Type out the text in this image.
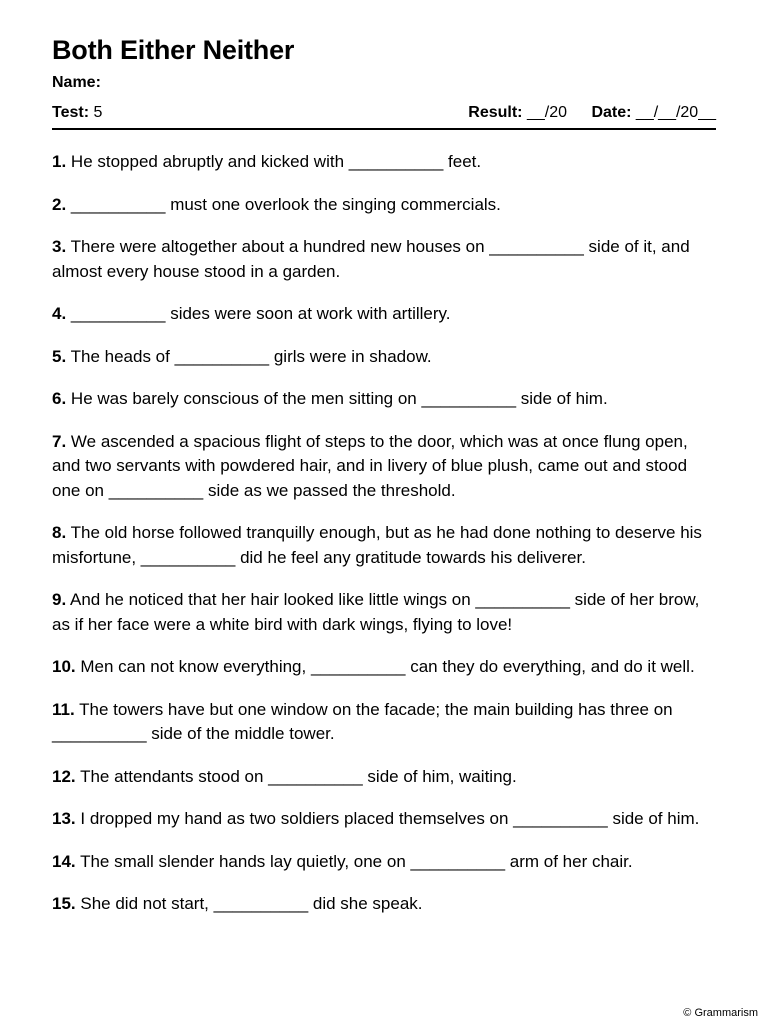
Both Either Neither
Name:
Test: 5	Result: __/20 Date: __/__/20__
1. He stopped abruptly and kicked with __________ feet.
2. __________ must one overlook the singing commercials.
3. There were altogether about a hundred new houses on __________ side of it, and almost every house stood in a garden.
4. __________ sides were soon at work with artillery.
5. The heads of __________ girls were in shadow.
6. He was barely conscious of the men sitting on __________ side of him.
7. We ascended a spacious flight of steps to the door, which was at once flung open, and two servants with powdered hair, and in livery of blue plush, came out and stood one on __________ side as we passed the threshold.
8. The old horse followed tranquilly enough, but as he had done nothing to deserve his misfortune, __________ did he feel any gratitude towards his deliverer.
9. And he noticed that her hair looked like little wings on __________ side of her brow, as if her face were a white bird with dark wings, flying to love!
10. Men can not know everything, __________ can they do everything, and do it well.
11. The towers have but one window on the facade; the main building has three on __________ side of the middle tower.
12. The attendants stood on __________ side of him, waiting.
13. I dropped my hand as two soldiers placed themselves on __________ side of him.
14. The small slender hands lay quietly, one on __________ arm of her chair.
15. She did not start, __________ did she speak.
© Grammarism
